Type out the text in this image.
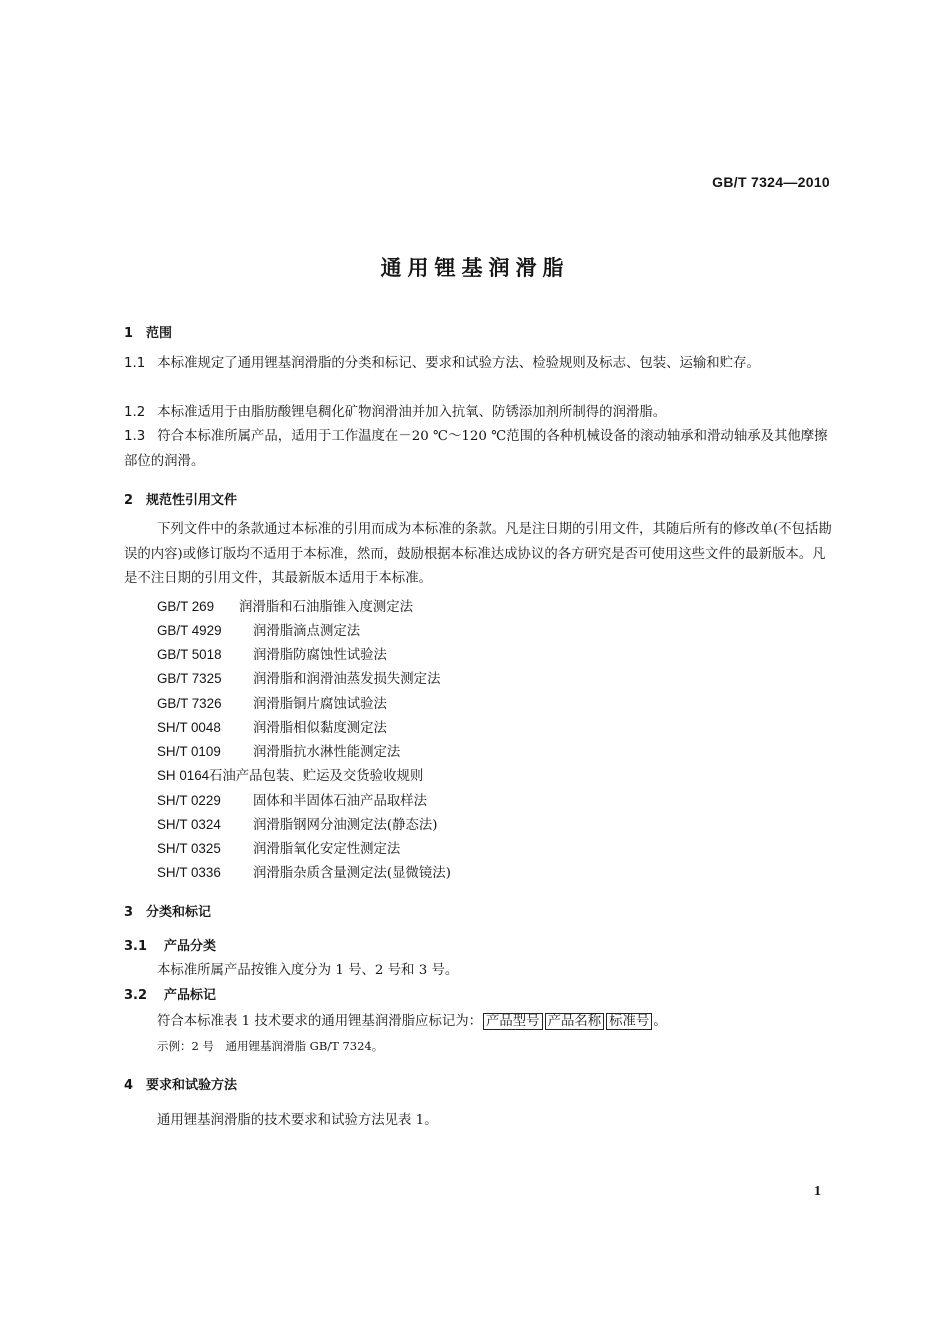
GB/T 7324—2010
通用锂基润滑脂
1 范围
1.1 本标准规定了通用锂基润滑脂的分类和标记、要求和试验方法、检验规则及标志、包装、运输和贮存。
1.2 本标准适用于由脂肪酸锂皂稠化矿物润滑油并加入抗氧、防锈添加剂所制得的润滑脂。
1.3 符合本标准所属产品，适用于工作温度在－20 ℃～120 ℃范围的各种机械设备的滚动轴承和滑动轴承及其他摩擦部位的润滑。
2 规范性引用文件
下列文件中的条款通过本标准的引用而成为本标准的条款。凡是注日期的引用文件，其随后所有的修改单(不包括勘误的内容)或修订版均不适用于本标准，然而，鼓励根据本标准达成协议的各方研究是否可使用这些文件的最新版本。凡是不注日期的引用文件，其最新版本适用于本标准。
GB/T 269 润滑脂和石油脂锥入度测定法
GB/T 4929 润滑脂滴点测定法
GB/T 5018 润滑脂防腐蚀性试验法
GB/T 7325 润滑脂和润滑油蒸发损失测定法
GB/T 7326 润滑脂铜片腐蚀试验法
SH/T 0048 润滑脂相似黏度测定法
SH/T 0109 润滑脂抗水淋性能测定法
SH 0164石油产品包装、贮运及交货验收规则
SH/T 0229 固体和半固体石油产品取样法
SH/T 0324 润滑脂钢网分油测定法(静态法)
SH/T 0325 润滑脂氧化安定性测定法
SH/T 0336 润滑脂杂质含量测定法(显微镜法)
3 分类和标记
3.1 产品分类
本标准所属产品按锥入度分为 1 号、2 号和 3 号。
3.2 产品标记
符合本标准表 1 技术要求的通用锂基润滑脂应标记为： 产品型号 产品名称 标准号 。
示例：2 号　通用锂基润滑脂 GB/T 7324。
4 要求和试验方法
通用锂基润滑脂的技术要求和试验方法见表 1。
1
